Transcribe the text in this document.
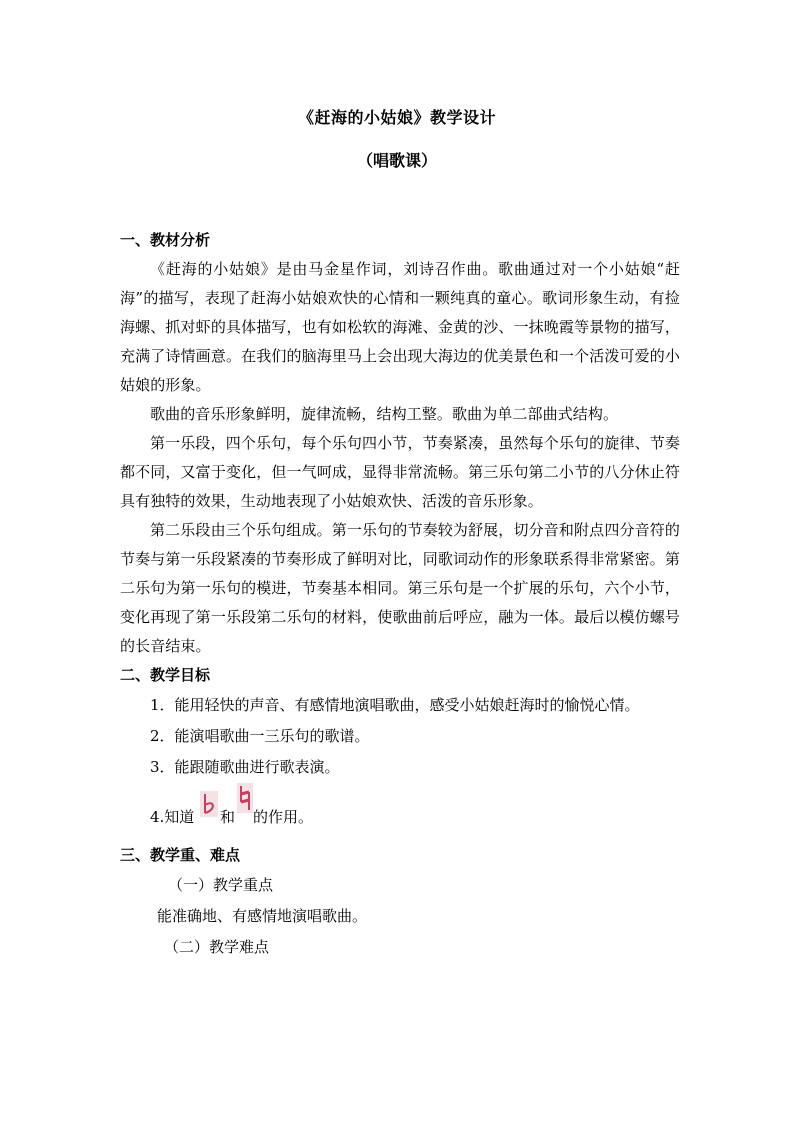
《赶海的小姑娘》教学设计
（唱歌课）

一、教材分析

《赶海的小姑娘》是由马金星作词，刘诗召作曲。歌曲通过对一个小姑娘“赶海”的描写，表现了赶海小姑娘欢快的心情和一颗纯真的童心。歌词形象生动，有捡海螺、抓对虾的具体描写，也有如松软的海滩、金黄的沙、一抹晚霞等景物的描写，充满了诗情画意。在我们的脑海里马上会出现大海边的优美景色和一个活泼可爱的小姑娘的形象。

歌曲的音乐形象鲜明，旋律流畅，结构工整。歌曲为单二部曲式结构。

第一乐段，四个乐句，每个乐句四小节，节奏紧凑，虽然每个乐句的旋律、节奏都不同，又富于变化，但一气呵成，显得非常流畅。第三乐句第二小节的八分休止符具有独特的效果，生动地表现了小姑娘欢快、活泼的音乐形象。

第二乐段由三个乐句组成。第一乐句的节奏较为舒展，切分音和附点四分音符的节奏与第一乐段紧凑的节奏形成了鲜明对比，同歌词动作的形象联系得非常紧密。第二乐句为第一乐句的模进，节奏基本相同。第三乐句是一个扩展的乐句，六个小节，变化再现了第一乐段第二乐句的材料，使歌曲前后呼应，融为一体。最后以模仿螺号的长音结束。

二、教学目标

1．能用轻快的声音、有感情地演唱歌曲，感受小姑娘赶海时的愉悦心情。

2．能演唱歌曲一三乐句的歌谱。

3．能跟随歌曲进行歌表演。

4.知道 和 的作用。

三、教学重、难点

（一）教学重点

能准确地、有感情地演唱歌曲。

（二）教学难点
